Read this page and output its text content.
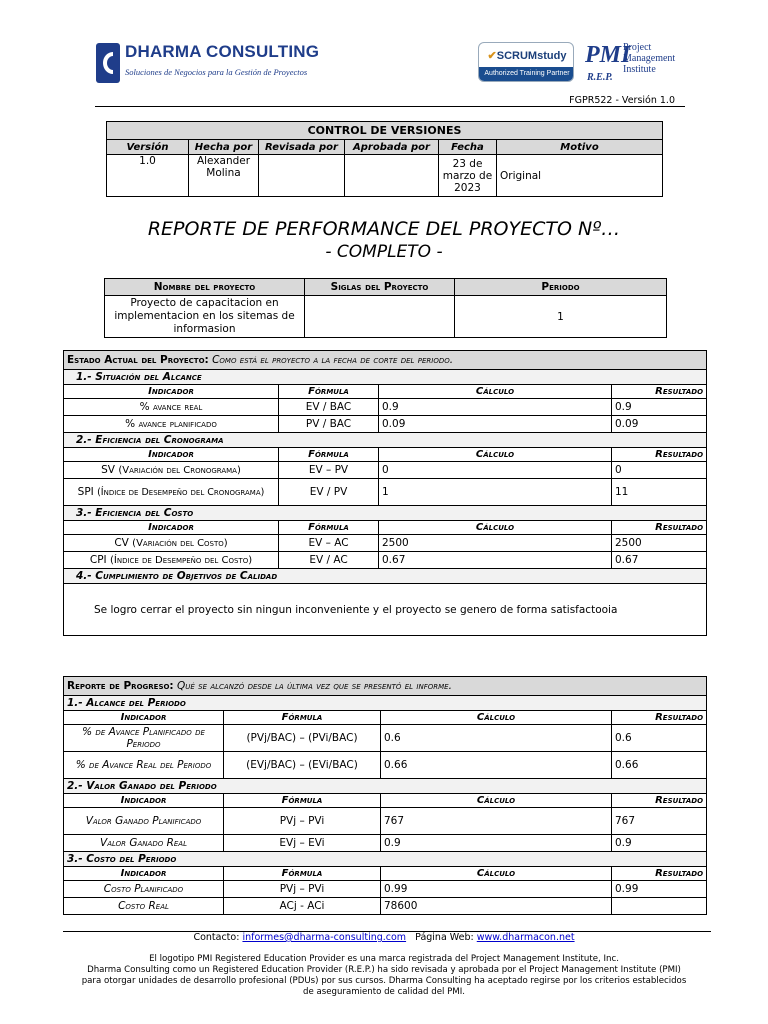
DHARMA CONSULTING
Soluciones de Negocios para la Gestión de Proyectos
✔SCRUMstudy
Authorized Training Partner
PMI
Project
Management
Institute
R.E.P.
FGPR522 - Versión 1.0
CONTROL DE VERSIONES					
Versión	Hecha por	Revisada por	Aprobada por	Fecha	Motivo
1.0	Alexander Molina			23 de marzo de 2023	Original
REPORTE DE PERFORMANCE DEL PROYECTO Nº…
- COMPLETO -
Nombre del proyecto	Siglas del Proyecto	Periodo
Proyecto de capacitacion en implementacion en los sitemas de informasion		1
Estado Actual del Proyecto: Como está el proyecto a la fecha de corte del periodo.			
1.- Situación del Alcance			
Indicador	Fórmula	Cálculo	Resultado
% avance real	EV / BAC	0.9	0.9
% avance planificado	PV / BAC	0.09	0.09
2.- Eficiencia del Cronograma			
Indicador	Fórmula	Cálculo	Resultado
SV (Variación del Cronograma)	EV – PV	0	0
SPI (Índice de Desempeño del Cronograma)	EV / PV	1	11
3.- Eficiencia del Costo			
Indicador	Fórmula	Cálculo	Resultado
CV (Variación del Costo)	EV – AC	2500	2500
CPI (Índice de Desempeño del Costo)	EV / AC	0.67	0.67
4.- Cumplimiento de Objetivos de Calidad			
Se logro cerrar el proyecto sin ningun inconveniente y el proyecto se genero de forma satisfactooia			
Reporte de Progreso: Qué se alcanzó desde la última vez que se presentó el informe.			
1.- Alcance del Periodo			
Indicador	Fórmula	Cálculo	Resultado
% de Avance Planificado de Periodo	(PVj/BAC) – (PVi/BAC)	0.6	0.6
% de Avance Real del Periodo	(EVj/BAC) – (EVi/BAC)	0.66	0.66
2.- Valor Ganado del Periodo			
Indicador	Fórmula	Cálculo	Resultado
Valor Ganado Planificado	PVj – PVi	767	767
Valor Ganado Real	EVj – EVi	0.9	0.9
3.- Costo del Periodo			
Indicador	Fórmula	Cálculo	Resultado
Costo Planificado	PVj – PVi	0.99	0.99
Costo Real	ACj - ACi	78600	
Contacto: informes@dharma-consulting.com Página Web: www.dharmacon.net
El logotipo PMI Registered Education Provider es una marca registrada del Project Management Institute, Inc.
Dharma Consulting como un Registered Education Provider (R.E.P.) ha sido revisada y aprobada por el Project Management Institute (PMI) para otorgar unidades de desarrollo profesional (PDUs) por sus cursos. Dharma Consulting ha aceptado regirse por los criterios establecidos de aseguramiento de calidad del PMI.
